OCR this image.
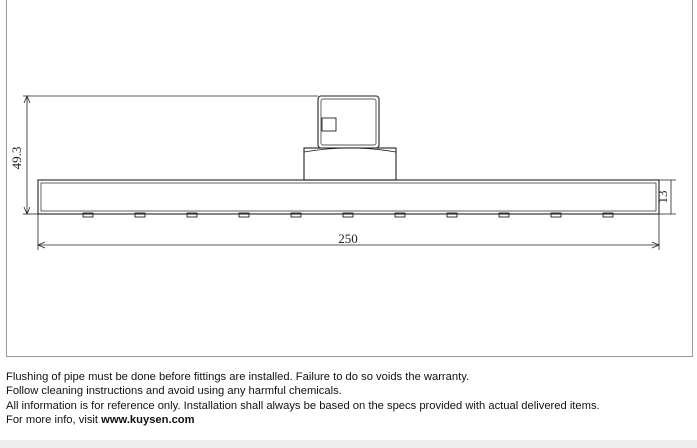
49.3
13
250

Flushing of pipe must be done before fittings are installed. Failure to do so voids the warranty.

Follow cleaning instructions and avoid using any harmful chemicals.

All information is for reference only. Installation shall always be based on the specs provided with actual delivered items.

For more info, visit www.kuysen.com
